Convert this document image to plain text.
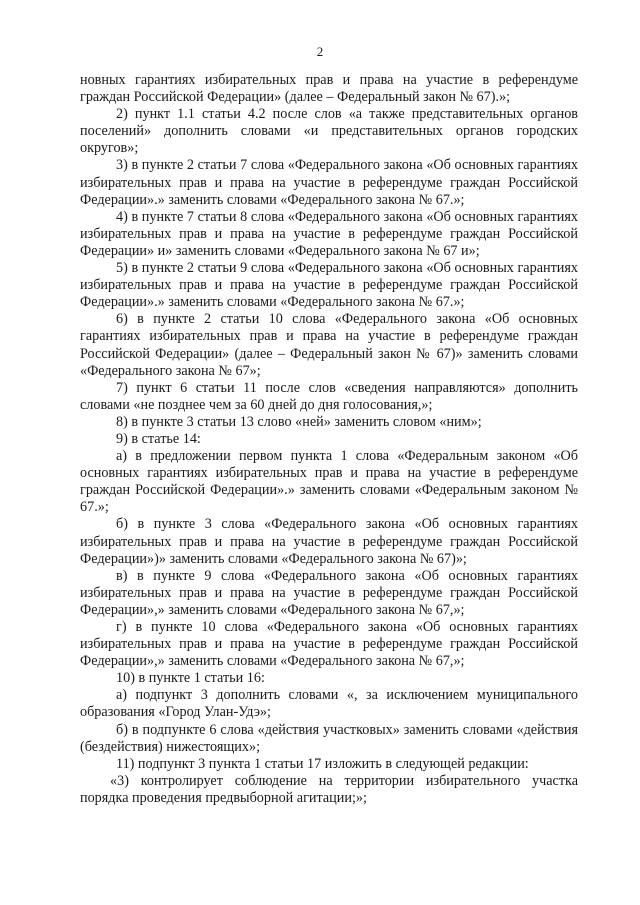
2

новных гарантиях избирательных прав и права на участие в референдуме граждан Российской Федерации» (далее – Федеральный закон № 67).»;

2) пункт 1.1 статьи 4.2 после слов «а также представительных органов поселений» дополнить словами «и представительных органов городских округов»;

3) в пункте 2 статьи 7 слова «Федерального закона «Об основных гарантиях избирательных прав и права на участие в референдуме граждан Российской Федерации».» заменить словами «Федерального закона № 67.»;

4) в пункте 7 статьи 8 слова «Федерального закона «Об основных гарантиях избирательных прав и права на участие в референдуме граждан Российской Федерации» и» заменить словами «Федерального закона № 67 и»;

5) в пункте 2 статьи 9 слова «Федерального закона «Об основных гарантиях избирательных прав и права на участие в референдуме граждан Российской Федерации».» заменить словами «Федерального закона № 67.»;

6) в пункте 2 статьи 10 слова «Федерального закона «Об основных гарантиях избирательных прав и права на участие в референдуме граждан Российской Федерации» (далее – Федеральный закон № 67)» заменить словами «Федерального закона № 67»;

7) пункт 6 статьи 11 после слов «сведения направляются» дополнить словами «не позднее чем за 60 дней до дня голосования,»;

8) в пункте 3 статьи 13 слово «ней» заменить словом «ним»;

9) в статье 14:

а) в предложении первом пункта 1 слова «Федеральным законом «Об основных гарантиях избирательных прав и права на участие в референдуме граждан Российской Федерации».» заменить словами «Федеральным законом № 67.»;

б) в пункте 3 слова «Федерального закона «Об основных гарантиях избирательных прав и права на участие в референдуме граждан Российской Федерации»)» заменить словами «Федерального закона № 67)»;

в) в пункте 9 слова «Федерального закона «Об основных гарантиях избирательных прав и права на участие в референдуме граждан Российской Федерации»,» заменить словами «Федерального закона № 67,»;

г) в пункте 10 слова «Федерального закона «Об основных гарантиях избирательных прав и права на участие в референдуме граждан Российской Федерации»,» заменить словами «Федерального закона № 67,»;

10) в пункте 1 статьи 16:

а) подпункт 3 дополнить словами «, за исключением муниципального образования «Город Улан-Удэ»;

б) в подпункте 6 слова «действия участковых» заменить словами «действия (бездействия) нижестоящих»;

11) подпункт 3 пункта 1 статьи 17 изложить в следующей редакции:

«3) контролирует соблюдение на территории избирательного участка порядка проведения предвыборной агитации;»;
